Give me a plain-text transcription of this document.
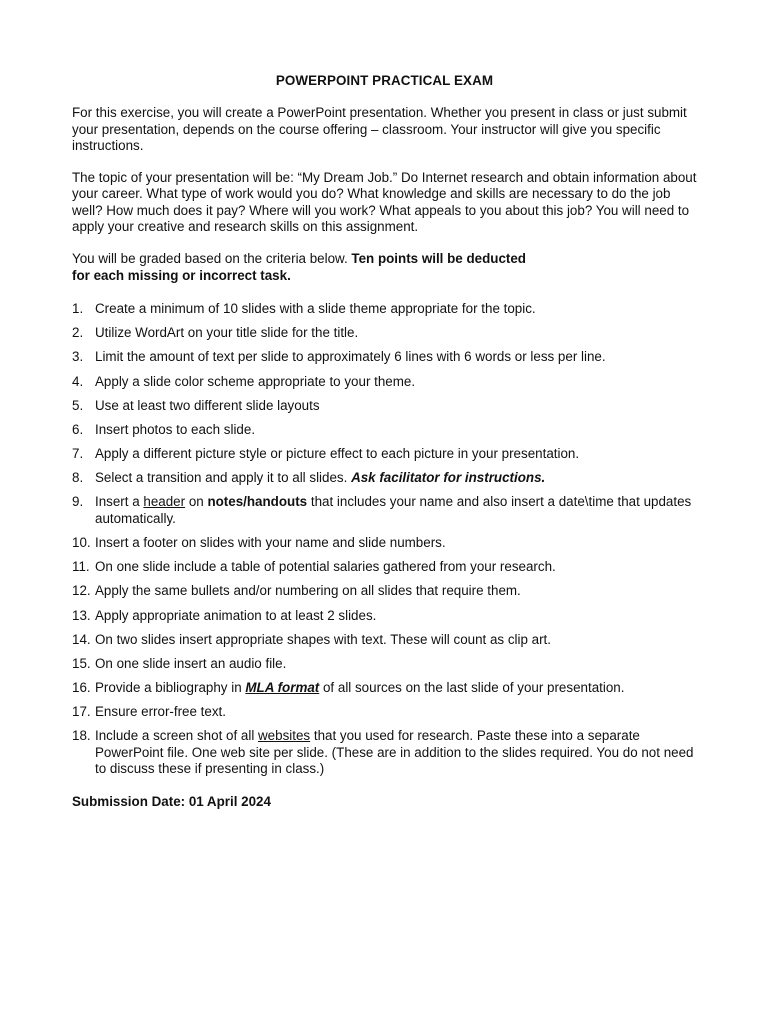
POWERPOINT PRACTICAL EXAM

For this exercise, you will create a PowerPoint presentation. Whether you present in class or just submit your presentation, depends on the course offering – classroom. Your instructor will give you specific instructions.

The topic of your presentation will be: “My Dream Job.” Do Internet research and obtain information about your career. What type of work would you do? What knowledge and skills are necessary to do the job well? How much does it pay? Where will you work? What appeals to you about this job? You will need to apply your creative and research skills on this assignment.

You will be graded based on the criteria below. Ten points will be deducted
for each missing or incorrect task.

1. Create a minimum of 10 slides with a slide theme appropriate for the topic.
2. Utilize WordArt on your title slide for the title.
3. Limit the amount of text per slide to approximately 6 lines with 6 words or less per line.
4. Apply a slide color scheme appropriate to your theme.
5. Use at least two different slide layouts
6. Insert photos to each slide.
7. Apply a different picture style or picture effect to each picture in your presentation.
8. Select a transition and apply it to all slides. Ask facilitator for instructions.
9. Insert a header on notes/handouts that includes your name and also insert a date\time that updates automatically.
10. Insert a footer on slides with your name and slide numbers.
11. On one slide include a table of potential salaries gathered from your research.
12. Apply the same bullets and/or numbering on all slides that require them.
13. Apply appropriate animation to at least 2 slides.
14. On two slides insert appropriate shapes with text. These will count as clip art.
15. On one slide insert an audio file.
16. Provide a bibliography in MLA format of all sources on the last slide of your presentation.
17. Ensure error-free text.
18. Include a screen shot of all websites that you used for research. Paste these into a separate PowerPoint file. One web site per slide. (These are in addition to the slides required. You do not need to discuss these if presenting in class.)
Submission Date: 01 April 2024
